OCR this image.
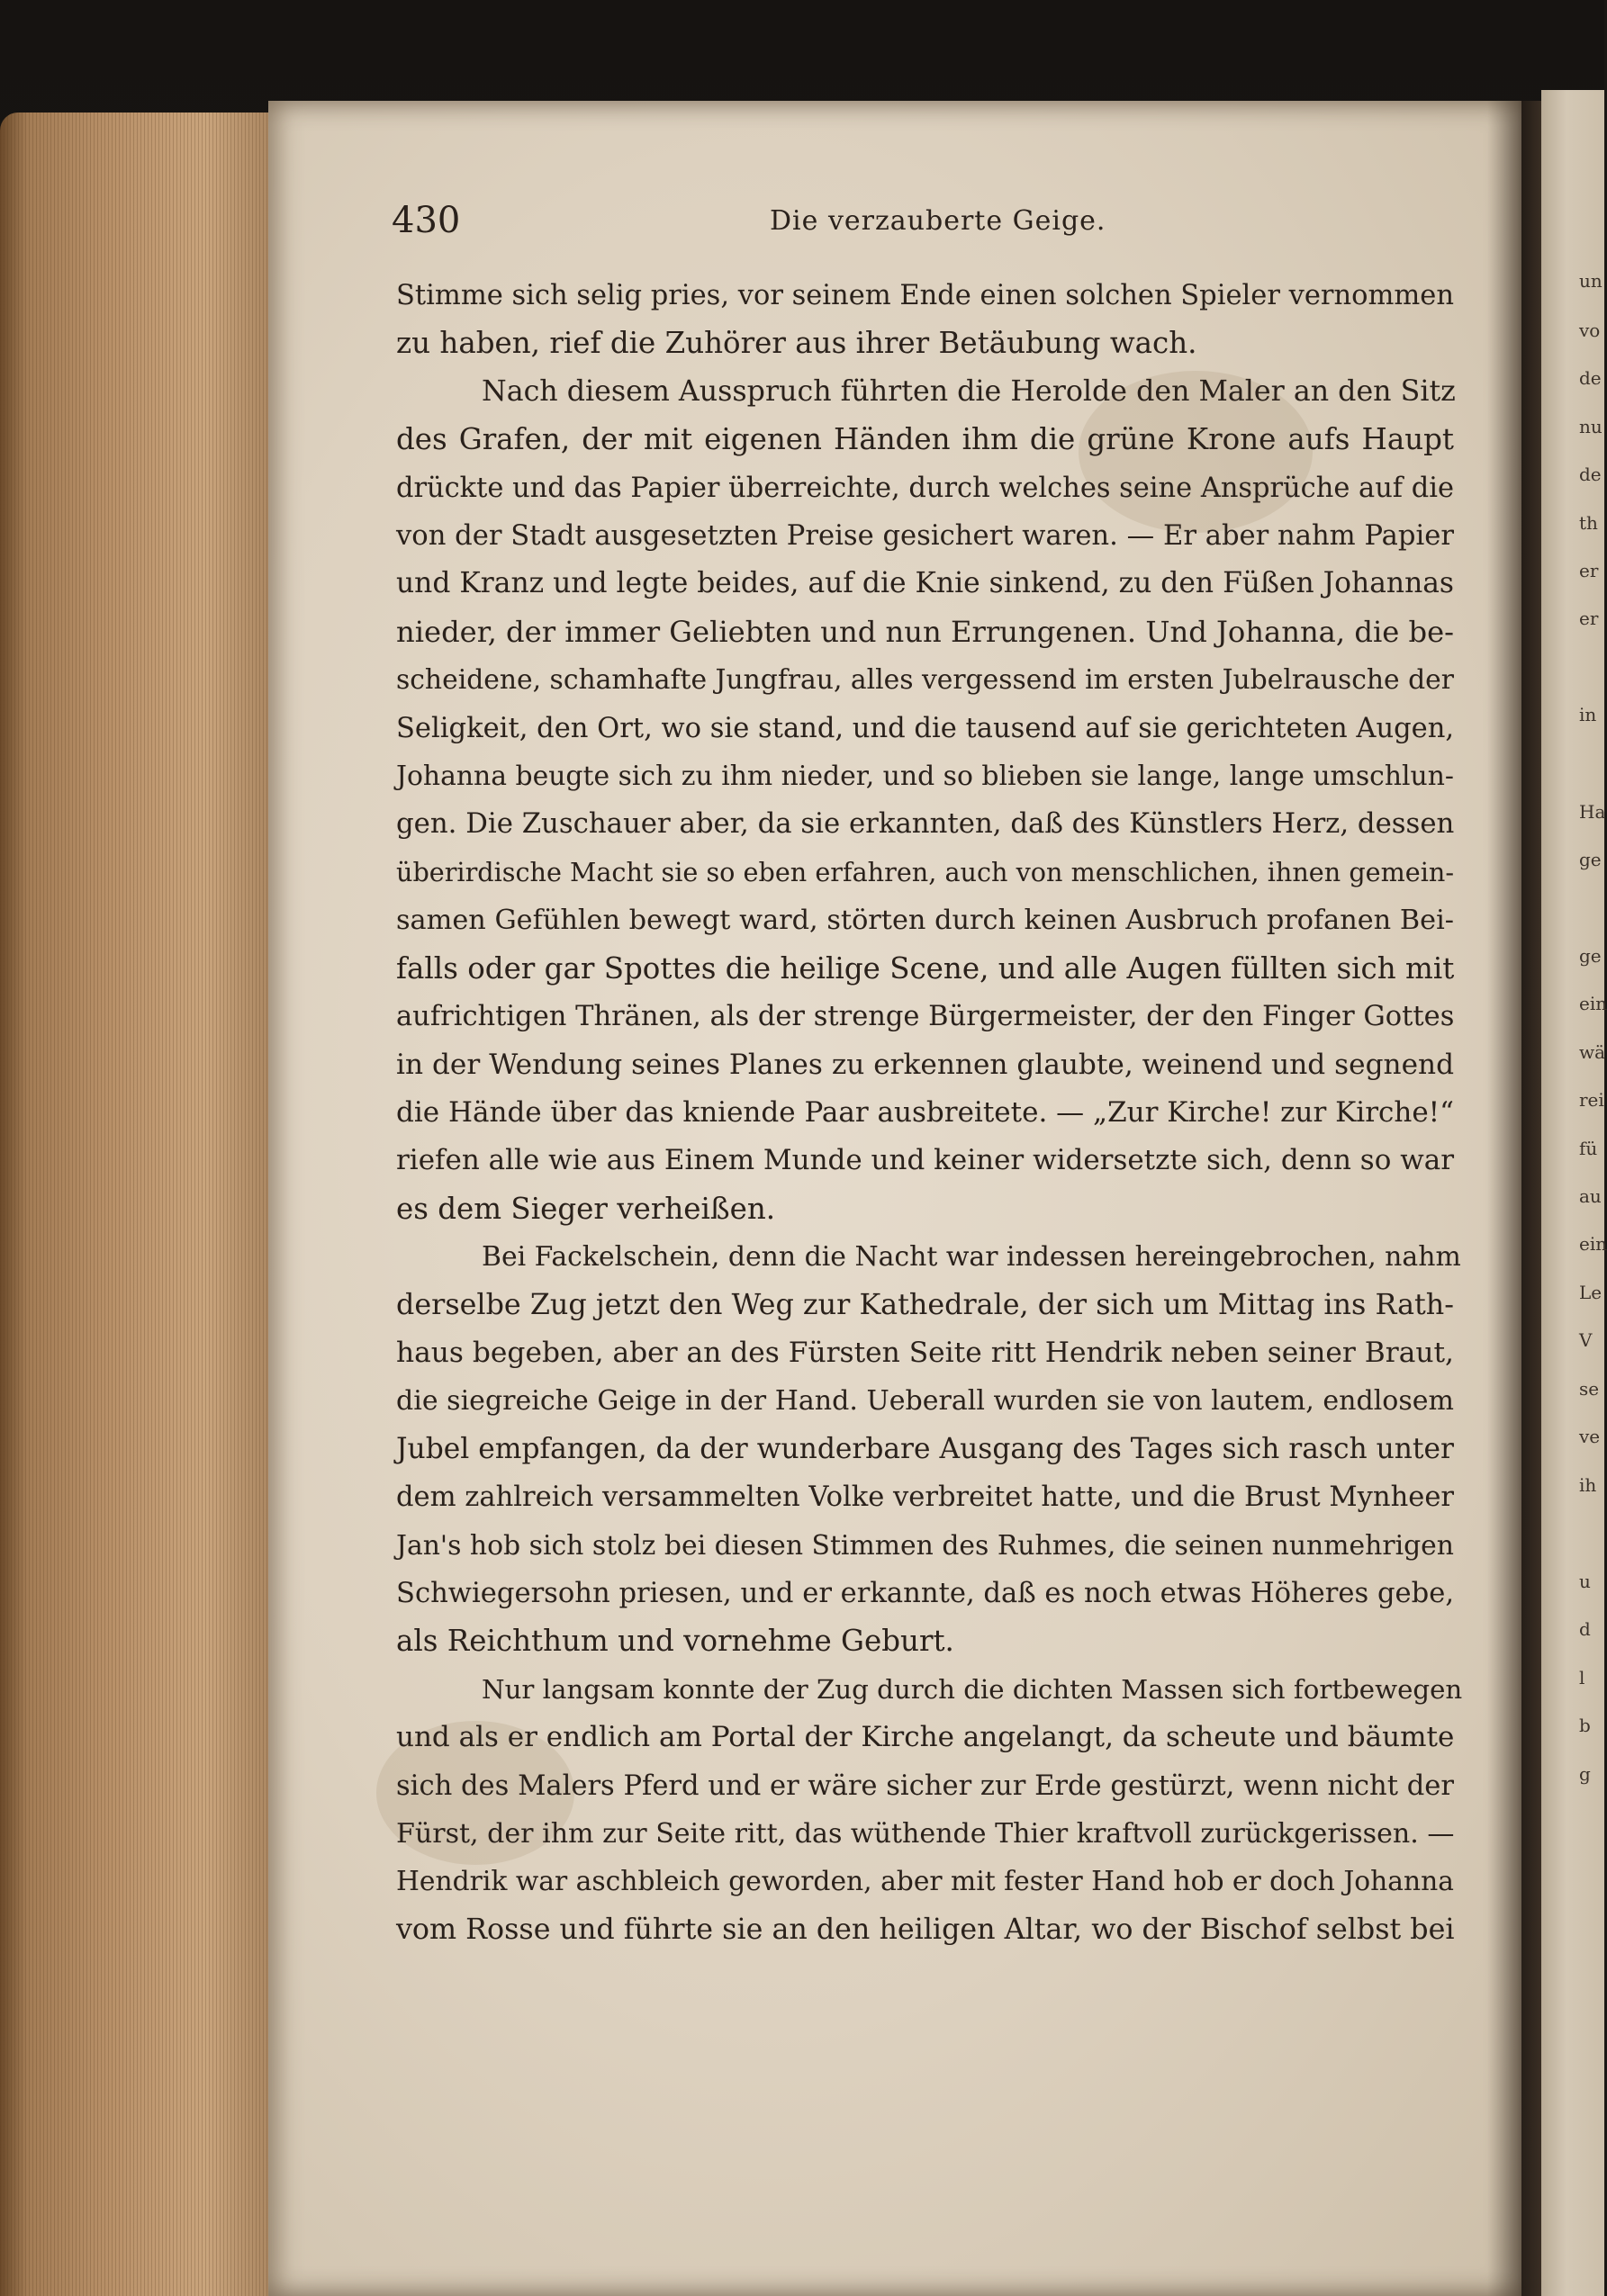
un
vo
de
nu
de
th
er
er
in
Ha
ge
ge
ein
wä
rei
fü
au
ein
Le
V
se
ve
ih
u
d
l
b
g
430	Die verzauberte Geige.
Stimme sich selig pries, vor seinem Ende einen solchen Spieler vernommen
zu haben, rief die Zuhörer aus ihrer Betäubung wach.
Nach diesem Ausspruch führten die Herolde den Maler an den Sitz
des Grafen, der mit eigenen Händen ihm die grüne Krone aufs Haupt
drückte und das Papier überreichte, durch welches seine Ansprüche auf die
von der Stadt ausgesetzten Preise gesichert waren. — Er aber nahm Papier
und Kranz und legte beides, auf die Knie sinkend, zu den Füßen Johannas
nieder, der immer Geliebten und nun Errungenen. Und Johanna, die be-
scheidene, schamhafte Jungfrau, alles vergessend im ersten Jubelrausche der
Seligkeit, den Ort, wo sie stand, und die tausend auf sie gerichteten Augen,
Johanna beugte sich zu ihm nieder, und so blieben sie lange, lange umschlun-
gen. Die Zuschauer aber, da sie erkannten, daß des Künstlers Herz, dessen
überirdische Macht sie so eben erfahren, auch von menschlichen, ihnen gemein-
samen Gefühlen bewegt ward, störten durch keinen Ausbruch profanen Bei-
falls oder gar Spottes die heilige Scene, und alle Augen füllten sich mit
aufrichtigen Thränen, als der strenge Bürgermeister, der den Finger Gottes
in der Wendung seines Planes zu erkennen glaubte, weinend und segnend
die Hände über das kniende Paar ausbreitete. — „Zur Kirche! zur Kirche!“
riefen alle wie aus Einem Munde und keiner widersetzte sich, denn so war
es dem Sieger verheißen.
Bei Fackelschein, denn die Nacht war indessen hereingebrochen, nahm
derselbe Zug jetzt den Weg zur Kathedrale, der sich um Mittag ins Rath-
haus begeben, aber an des Fürsten Seite ritt Hendrik neben seiner Braut,
die siegreiche Geige in der Hand. Ueberall wurden sie von lautem, endlosem
Jubel empfangen, da der wunderbare Ausgang des Tages sich rasch unter
dem zahlreich versammelten Volke verbreitet hatte, und die Brust Mynheer
Jan's hob sich stolz bei diesen Stimmen des Ruhmes, die seinen nunmehrigen
Schwiegersohn priesen, und er erkannte, daß es noch etwas Höheres gebe,
als Reichthum und vornehme Geburt.
Nur langsam konnte der Zug durch die dichten Massen sich fortbewegen
und als er endlich am Portal der Kirche angelangt, da scheute und bäumte
sich des Malers Pferd und er wäre sicher zur Erde gestürzt, wenn nicht der
Fürst, der ihm zur Seite ritt, das wüthende Thier kraftvoll zurückgerissen. —
Hendrik war aschbleich geworden, aber mit fester Hand hob er doch Johanna
vom Rosse und führte sie an den heiligen Altar, wo der Bischof selbst bei
